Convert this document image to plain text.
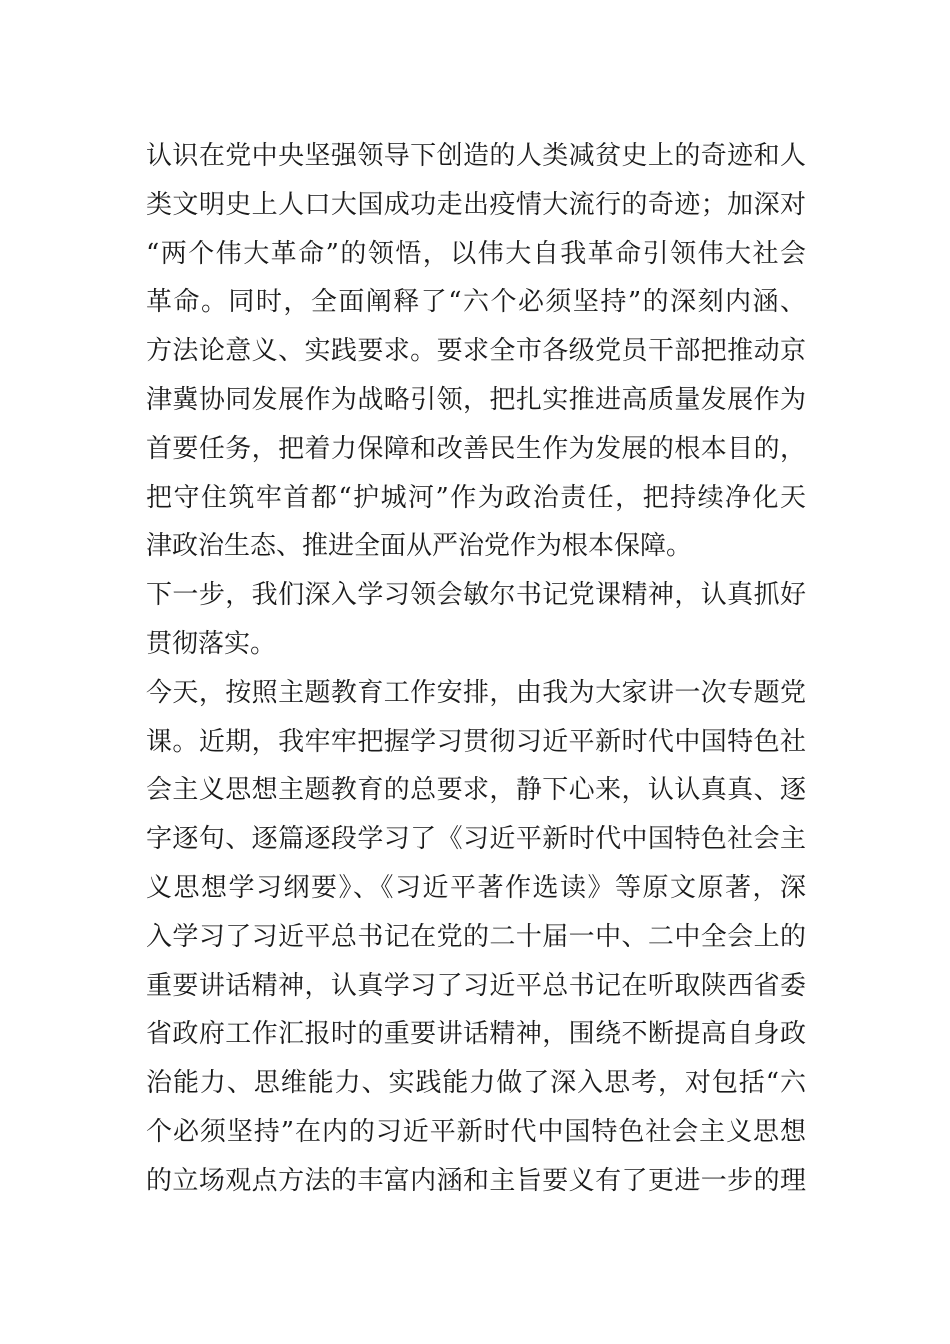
认识在党中央坚强领导下创造的人类减贫史上的奇迹和人
类文明史上人口大国成功走出疫情大流行的奇迹；加深对
“两个伟大革命”的领悟，以伟大自我革命引领伟大社会
革命。同时，全面阐释了“六个必须坚持”的深刻内涵、
方法论意义、实践要求。要求全市各级党员干部把推动京
津冀协同发展作为战略引领，把扎实推进高质量发展作为
首要任务，把着力保障和改善民生作为发展的根本目的，
把守住筑牢首都“护城河”作为政治责任，把持续净化天
津政治生态、推进全面从严治党作为根本保障。
下一步，我们深入学习领会敏尔书记党课精神，认真抓好
贯彻落实。
今天，按照主题教育工作安排，由我为大家讲一次专题党
课。近期，我牢牢把握学习贯彻习近平新时代中国特色社
会主义思想主题教育的总要求，静下心来，认认真真、逐
字逐句、逐篇逐段学习了《习近平新时代中国特色社会主
义思想学习纲要》、《习近平著作选读》等原文原著，深
入学习了习近平总书记在党的二十届一中、二中全会上的
重要讲话精神，认真学习了习近平总书记在听取陕西省委
省政府工作汇报时的重要讲话精神，围绕不断提高自身政
治能力、思维能力、实践能力做了深入思考，对包括“六
个必须坚持”在内的习近平新时代中国特色社会主义思想
的立场观点方法的丰富内涵和主旨要义有了更进一步的理
